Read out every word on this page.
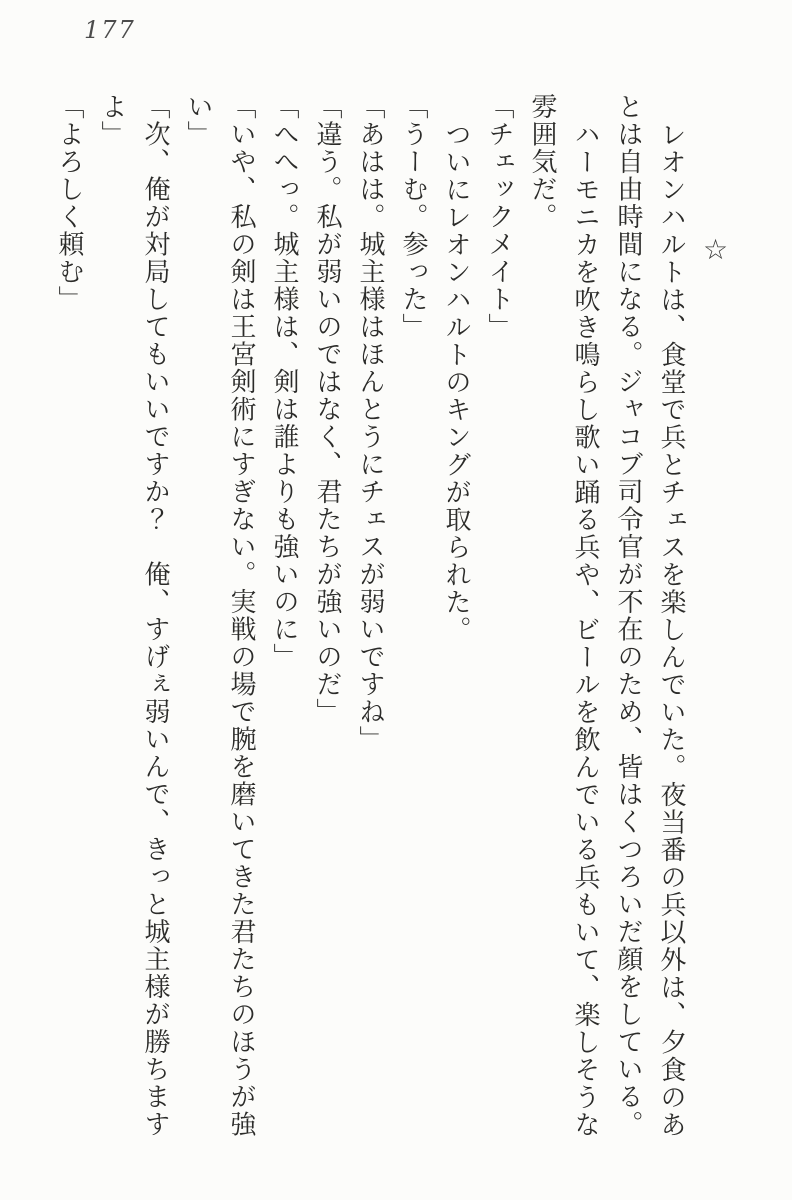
177

☆

レオンハルトは、食堂で兵とチェスを楽しんでいた。夜当番の兵以外は、夕食のあとは自由時間になる。ジャコブ司令官が不在のため、皆はくつろいだ顔をしている。

ハーモニカを吹き鳴らし歌い踊る兵や、ビールを飲んでいる兵もいて、楽しそうな雰囲気だ。

「チェックメイト」

ついにレオンハルトのキングが取られた。

「うーむ。参った」

「あはは。城主様はほんとうにチェスが弱いですね」

「違う。私が弱いのではなく、君たちが強いのだ」

「へへっ。城主様は、剣は誰よりも強いのに」

「いや、私の剣は王宮剣術にすぎない。実戦の場で腕を磨いてきた君たちのほうが強い」

「次、俺が対局してもいいですか？　俺、すげぇ弱いんで、きっと城主様が勝ちますよ」

「よろしく頼む」
